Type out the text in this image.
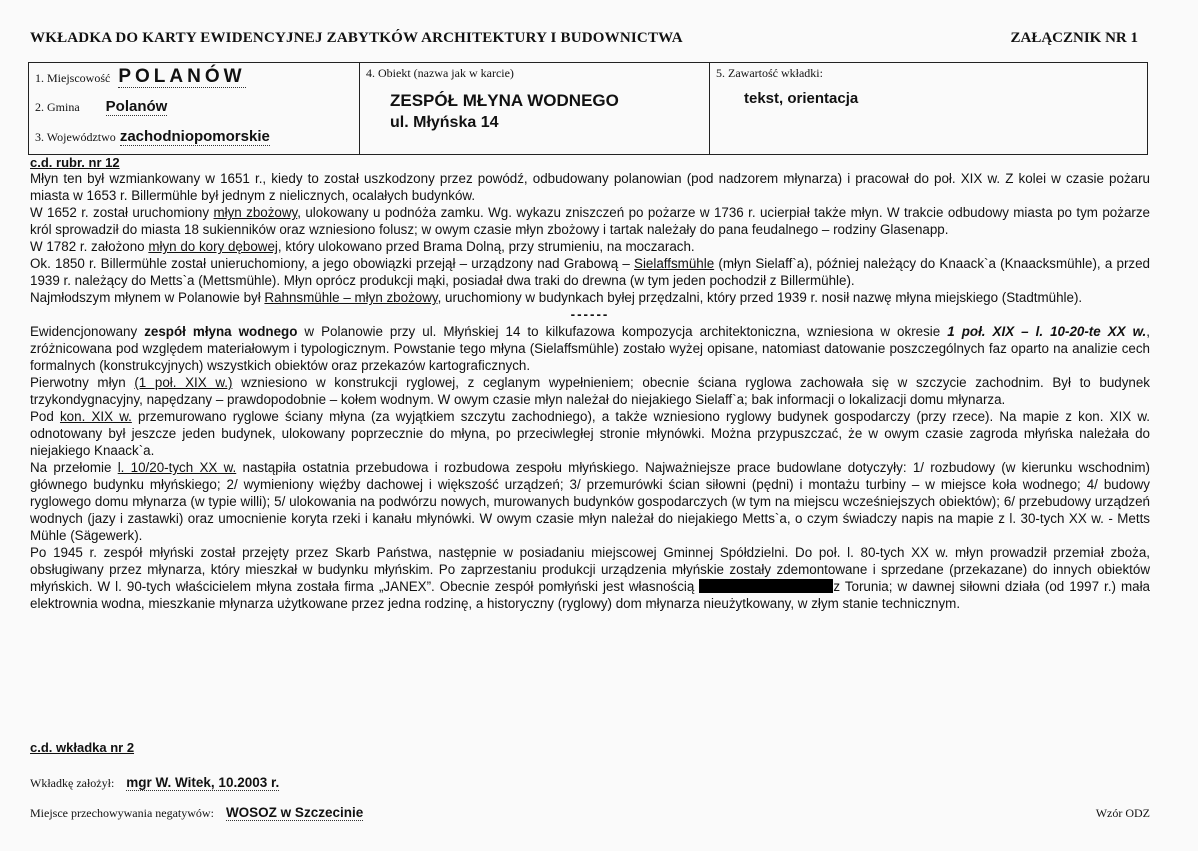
WKŁADKA DO KARTY EWIDENCYJNEJ ZABYTKÓW ARCHITEKTURY I BUDOWNICTWA	ZAŁĄCZNIK NR 1
1. Miejscowość POLANÓW
2. Gmina Polanów
3. Województwo zachodniopomorskie
4. Obiekt (nazwa jak w karcie)
ZESPÓŁ MŁYNA WODNEGO
ul. Młyńska 14
5. Zawartość wkładki:
tekst, orientacja
c.d. rubr. nr 12

Młyn ten był wzmiankowany w 1651 r., kiedy to został uszkodzony przez powódź, odbudowany polanowian (pod nadzorem młynarza) i pracował do poł. XIX w. Z kolei w czasie pożaru miasta w 1653 r. Billermühle był jednym z nielicznych, ocalałych budynków.

W 1652 r. został uruchomiony młyn zbożowy, ulokowany u podnóża zamku. Wg. wykazu zniszczeń po pożarze w 1736 r. ucierpiał także młyn. W trakcie odbudowy miasta po tym pożarze król sprowadził do miasta 18 sukienników oraz wzniesiono folusz; w owym czasie młyn zbożowy i tartak należały do pana feudalnego – rodziny Glasenapp.

W 1782 r. założono młyn do kory dębowej, który ulokowano przed Brama Dolną, przy strumieniu, na moczarach.

Ok. 1850 r. Billermühle został unieruchomiony, a jego obowiązki przejął – urządzony nad Grabową – Sielaffsmühle (młyn Sielaff`a), później należący do Knaack`a (Knaacksmühle), a przed 1939 r. należący do Metts`a (Mettsmühle). Młyn oprócz produkcji mąki, posiadał dwa traki do drewna (w tym jeden pochodził z Billermühle).

Najmłodszym młynem w Polanowie był Rahnsmühle – młyn zbożowy, uruchomiony w budynkach byłej przędzalni, który przed 1939 r. nosił nazwę młyna miejskiego (Stadtmühle).

------

Ewidencjonowany zespół młyna wodnego w Polanowie przy ul. Młyńskiej 14 to kilkufazowa kompozycja architektoniczna, wzniesiona w okresie 1 poł. XIX – l. 10-20-te XX w., zróżnicowana pod względem materiałowym i typologicznym. Powstanie tego młyna (Sielaffsmühle) zostało wyżej opisane, natomiast datowanie poszczególnych faz oparto na analizie cech formalnych (konstrukcyjnych) wszystkich obiektów oraz przekazów kartograficznych.

Pierwotny młyn (1 poł. XIX w.) wzniesiono w konstrukcji ryglowej, z ceglanym wypełnieniem; obecnie ściana ryglowa zachowała się w szczycie zachodnim. Był to budynek trzykondygnacyjny, napędzany – prawdopodobnie – kołem wodnym. W owym czasie młyn należał do niejakiego Sielaff`a; bak informacji o lokalizacji domu młynarza.

Pod kon. XIX w. przemurowano ryglowe ściany młyna (za wyjątkiem szczytu zachodniego), a także wzniesiono ryglowy budynek gospodarczy (przy rzece). Na mapie z kon. XIX w. odnotowany był jeszcze jeden budynek, ulokowany poprzecznie do młyna, po przeciwległej stronie młynówki. Można przypuszczać, że w owym czasie zagroda młyńska należała do niejakiego Knaack`a.

Na przełomie l. 10/20-tych XX w. nastąpiła ostatnia przebudowa i rozbudowa zespołu młyńskiego. Najważniejsze prace budowlane dotyczyły: 1/ rozbudowy (w kierunku wschodnim) głównego budynku młyńskiego; 2/ wymieniony więźby dachowej i większość urządzeń; 3/ przemurówki ścian siłowni (pędni) i montażu turbiny – w miejsce koła wodnego; 4/ budowy ryglowego domu młynarza (w typie willi); 5/ ulokowania na podwórzu nowych, murowanych budynków gospodarczych (w tym na miejscu wcześniejszych obiektów); 6/ przebudowy urządzeń wodnych (jazy i zastawki) oraz umocnienie koryta rzeki i kanału młynówki. W owym czasie młyn należał do niejakiego Metts`a, o czym świadczy napis na mapie z l. 30-tych XX w. - Metts Mühle (Sägewerk).

Po 1945 r. zespół młyński został przejęty przez Skarb Państwa, następnie w posiadaniu miejscowej Gminnej Spółdzielni. Do poł. l. 80-tych XX w. młyn prowadził przemiał zboża, obsługiwany przez młynarza, który mieszkał w budynku młyńskim. Po zaprzestaniu produkcji urządzenia młyńskie zostały zdemontowane i sprzedane (przekazane) do innych obiektów młyńskich. W l. 90-tych właścicielem młyna została firma „JANEX”. Obecnie zespół pomłyński jest własnością	z Torunia; w dawnej siłowni działa (od 1997 r.) mała elektrownia wodna, mieszkanie młynarza użytkowane przez jedna rodzinę, a historyczny (ryglowy) dom młynarza nieużytkowany, w złym stanie technicznym.

c.d. wkładka nr 2
Wkładkę założył: mgr W. Witek, 10.2003 r.
Miejsce przechowywania negatywów: WOSOZ w Szczecinie	Wzór ODZ
